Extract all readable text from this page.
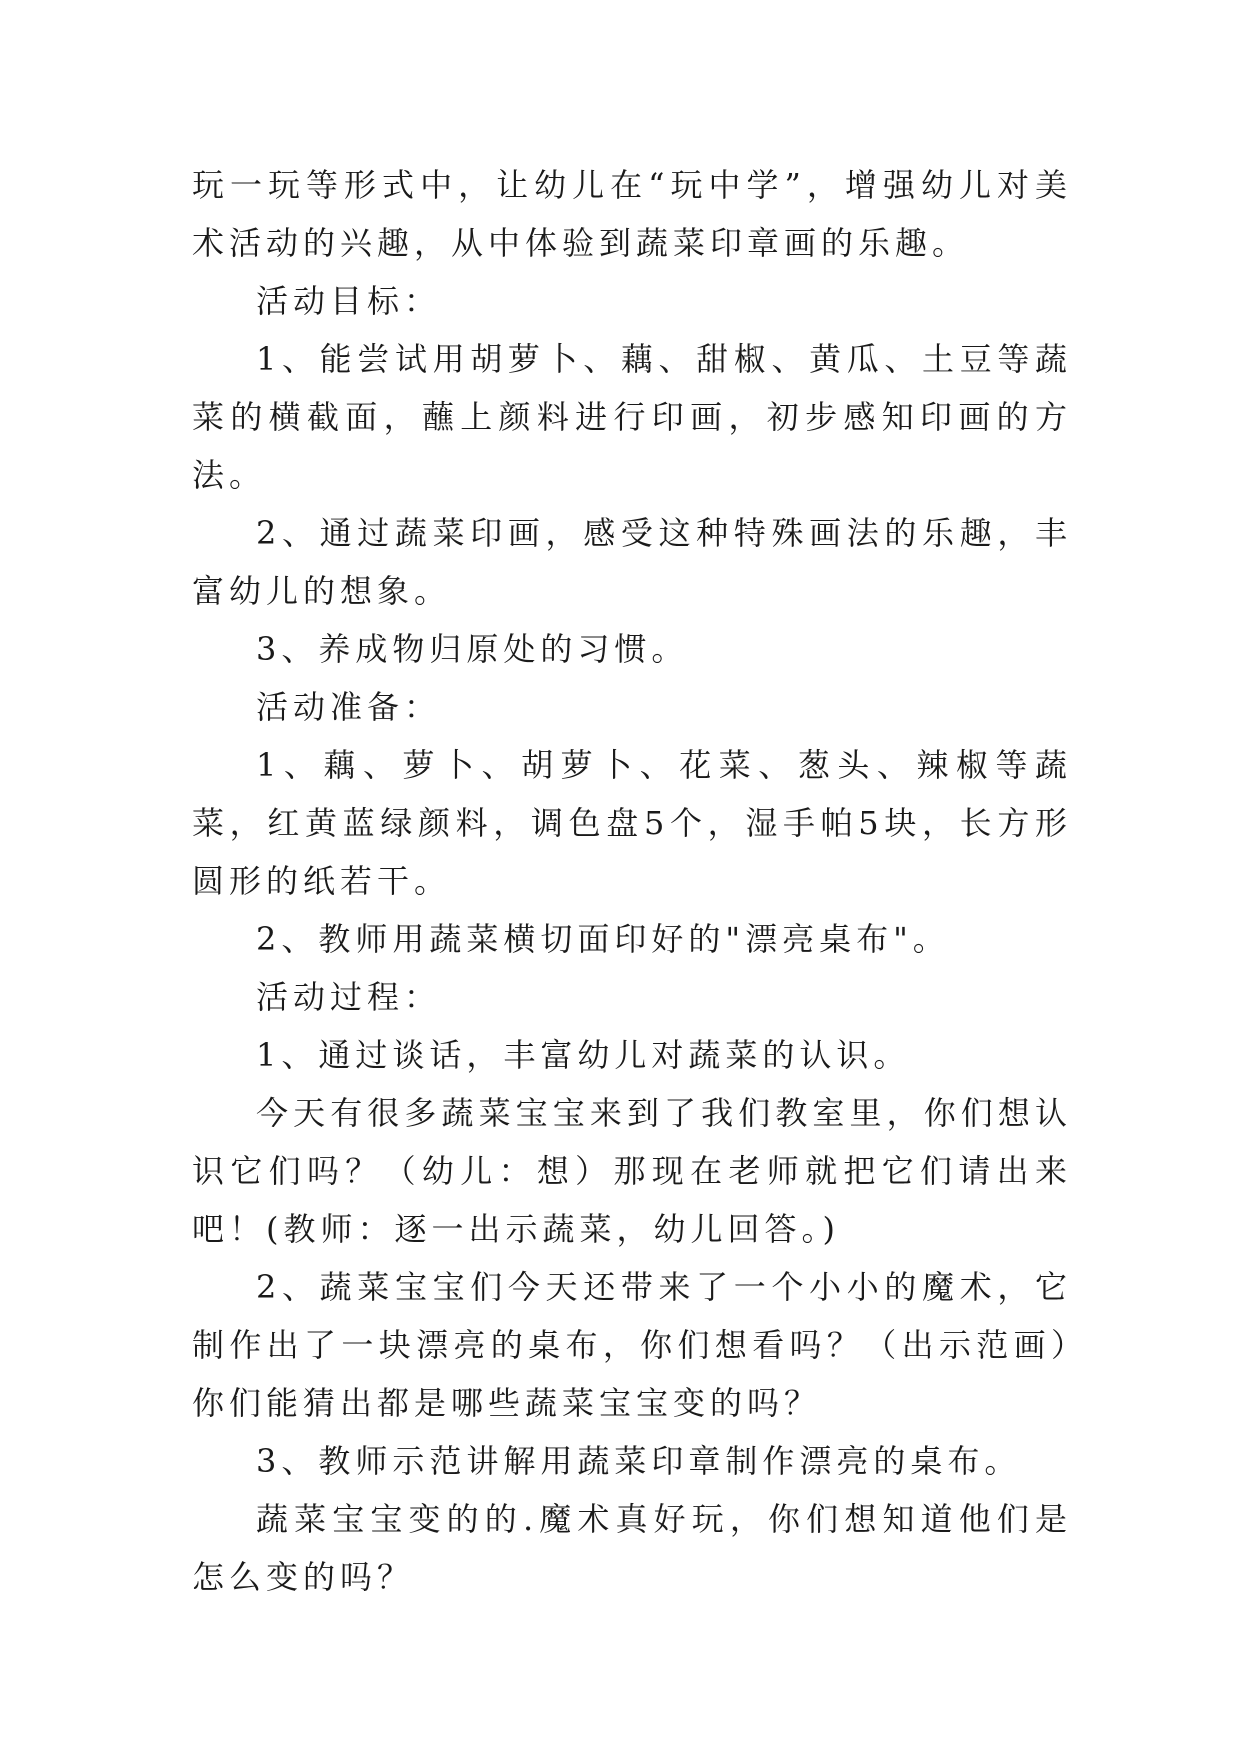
玩一玩等形式中，让幼儿在“玩中学”，增强幼儿对美术活动的兴趣，从中体验到蔬菜印章画的乐趣。

活动目标：

1、能尝试用胡萝卜、藕、甜椒、黄瓜、土豆等蔬菜的横截面，蘸上颜料进行印画，初步感知印画的方法。

2、通过蔬菜印画，感受这种特殊画法的乐趣，丰富幼儿的想象。

3、养成物归原处的习惯。

活动准备：

1、藕、萝卜、胡萝卜、花菜、葱头、辣椒等蔬菜，红黄蓝绿颜料，调色盘5个，湿手帕5块，长方形圆形的纸若干。

2、教师用蔬菜横切面印好的"漂亮桌布"。

活动过程：

1、通过谈话，丰富幼儿对蔬菜的认识。

今天有很多蔬菜宝宝来到了我们教室里，你们想认识它们吗？（幼儿：想）那现在老师就把它们请出来吧！(教师：逐一出示蔬菜，幼儿回答。)

2、蔬菜宝宝们今天还带来了一个小小的魔术，它制作出了一块漂亮的桌布，你们想看吗？（出示范画）你们能猜出都是哪些蔬菜宝宝变的吗？

3、教师示范讲解用蔬菜印章制作漂亮的桌布。

蔬菜宝宝变的的.魔术真好玩，你们想知道他们是怎么变的吗？
